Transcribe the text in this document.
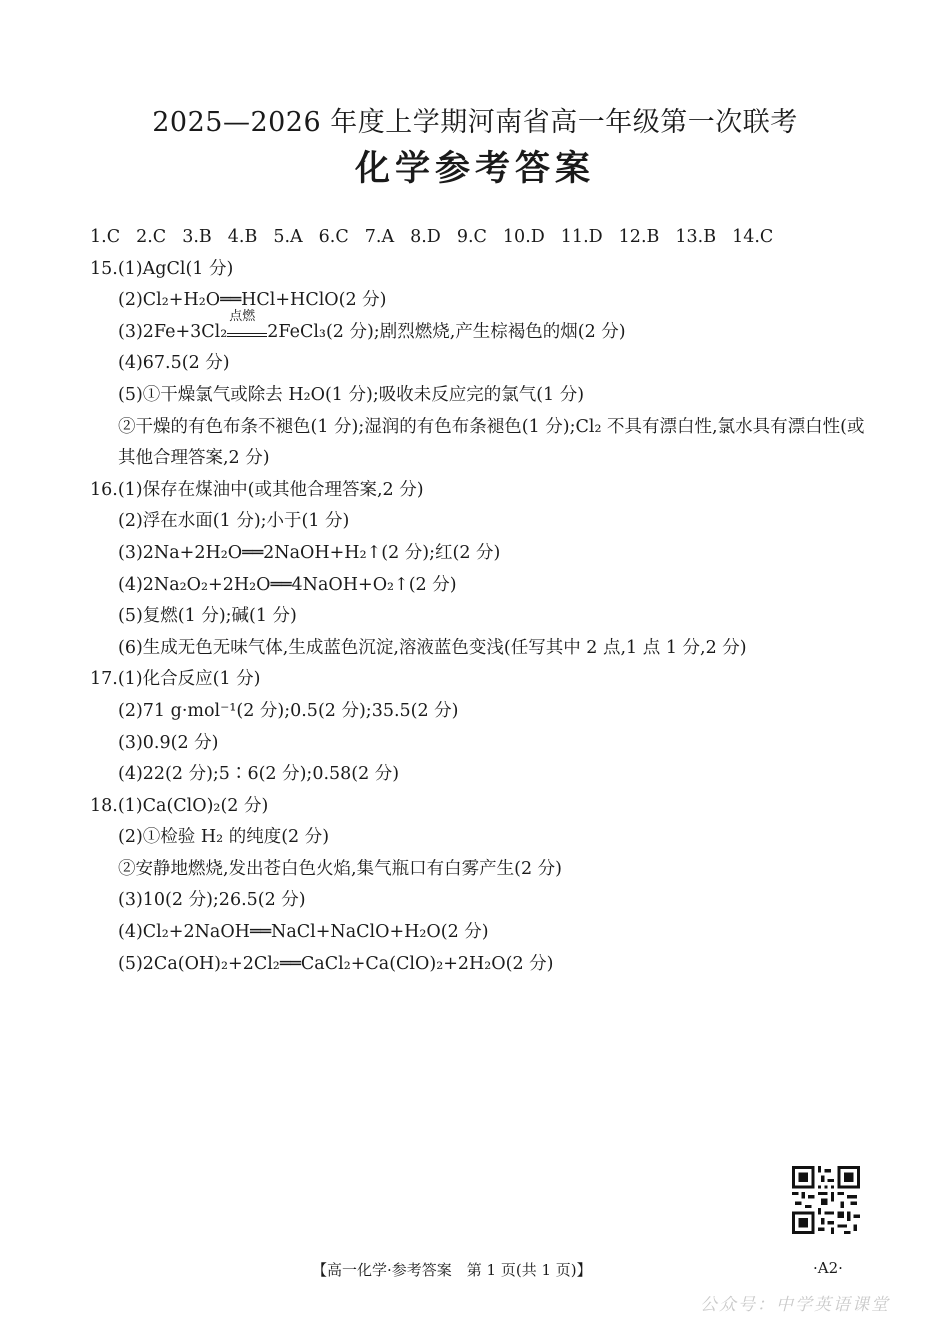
2025—2026 年度上学期河南省高一年级第一次联考
化学参考答案
1.C 2.C 3.B 4.B 5.A 6.C 7.A 8.D 9.C 10.D 11.D 12.B 13.B 14.C
15.(1)AgCl(1 分)
(2)Cl₂+H₂O══HCl+HClO(2 分)
(3)2Fe+3Cl₂
点燃
2FeCl₃(2 分);剧烈燃烧,产生棕褐色的烟(2 分)
(4)67.5(2 分)
(5)①干燥氯气或除去 H₂O(1 分);吸收未反应完的氯气(1 分)
②干燥的有色布条不褪色(1 分);湿润的有色布条褪色(1 分);Cl₂ 不具有漂白性,氯水具有漂白性(或其他合理答案,2 分)
16.(1)保存在煤油中(或其他合理答案,2 分)
(2)浮在水面(1 分);小于(1 分)
(3)2Na+2H₂O══2NaOH+H₂↑(2 分);红(2 分)
(4)2Na₂O₂+2H₂O══4NaOH+O₂↑(2 分)
(5)复燃(1 分);碱(1 分)
(6)生成无色无味气体,生成蓝色沉淀,溶液蓝色变浅(任写其中 2 点,1 点 1 分,2 分)
17.(1)化合反应(1 分)
(2)71 g·mol⁻¹(2 分);0.5(2 分);35.5(2 分)
(3)0.9(2 分)
(4)22(2 分);5∶6(2 分);0.58(2 分)
18.(1)Ca(ClO)₂(2 分)
(2)①检验 H₂ 的纯度(2 分)
②安静地燃烧,发出苍白色火焰,集气瓶口有白雾产生(2 分)
(3)10(2 分);26.5(2 分)
(4)Cl₂+2NaOH══NaCl+NaClO+H₂O(2 分)
(5)2Ca(OH)₂+2Cl₂══CaCl₂+Ca(ClO)₂+2H₂O(2 分)
【高一化学·参考答案　第 1 页(共 1 页)】	·A2·
公众号：中学英语课堂
